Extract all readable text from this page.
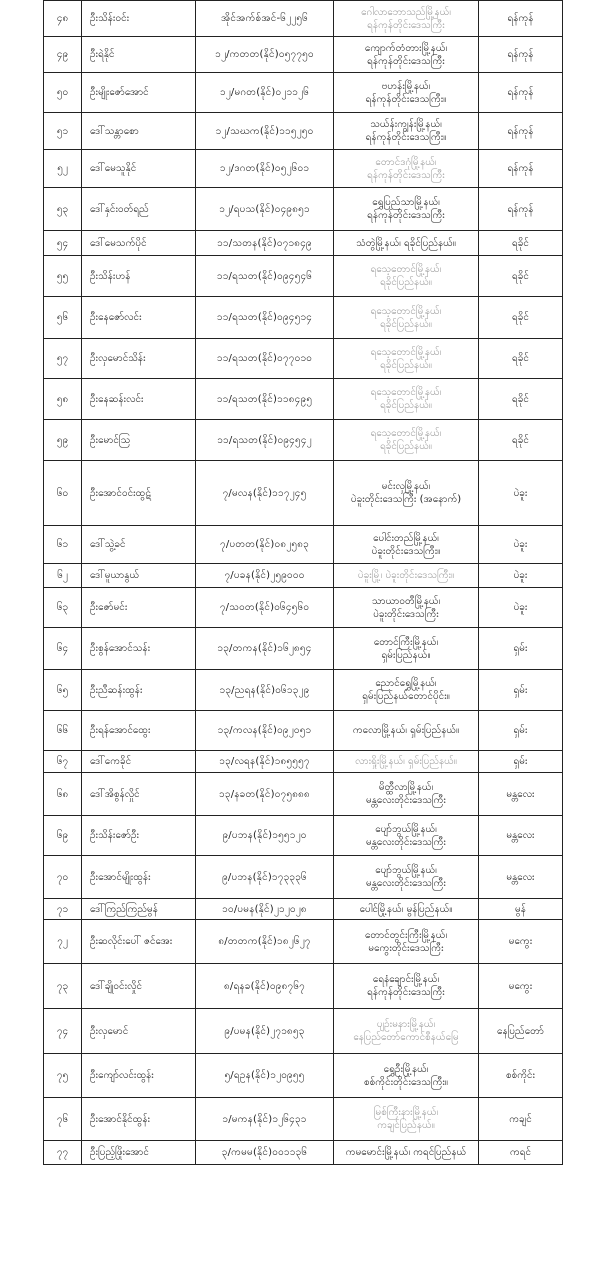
၄၈	ဦးသိန်းဝင်း	အိုင်အက်စ်အင်-၆၂၂၅၆	ဂေါလာဘောသည်မြို့နယ်၊
ရန်ကုန်တိုင်းဒေသကြီး	ရန်ကုန်
၄၉	ဦးရဲနိုင်	၁၂/ကတတ(နိုင်)၀၅၇၇၅၀	ကျောက်တံတားမြို့နယ်၊
ရန်ကုန်တိုင်းဒေသကြီး	ရန်ကုန်
၅၀	ဦးမျိုးဇော်အောင်	၁၂/မဂတ(နိုင်)၀၂၁၁၂၆	ဗဟန်းမြို့နယ်၊
ရန်ကုန်တိုင်းဒေသကြီး။	ရန်ကုန်
၅၁	ဒေါ်သန္တာစော	၁၂/သဃက(နိုင်)၁၁၅၂၅၀	သယ်န်းကျွန်းမြို့နယ်၊
ရန်ကုန်တိုင်းဒေသကြီး။	ရန်ကုန်
၅၂	ဒေါ်မေသူနိုင်	၁၂/ဒဂတ(နိုင်)၀၅၂၆၀၁	တောင်ဒဂုံမြို့နယ်၊
ရန်ကုန်တိုင်းဒေသကြီး	ရန်ကုန်
၅၃	ဒေါ်နှင်းဝတ်ရည်	၁၂/ရပသ(နိုင်)၀၄၉၈၅၁	ရွှေပြည်သာမြို့နယ်၊
ရန်ကုန်တိုင်းဒေသကြီး	ရန်ကုန်
၅၄	ဒေါ်မေသက်ပိုင်	၁၁/သတန(နိုင်)၀၇၁၈၄၉	သံတွဲမြို့နယ်၊ ရခိုင်ပြည်နယ်။	ရခိုင်
၅၅	ဦးသိန်းဟန်	၁၁/ရသတ(နိုင်)၀၉၄၅၄၆	ရသေ့တောင်မြို့နယ်၊
ရခိုင်ပြည်နယ်။	ရခိုင်
၅၆	ဦးနေဇော်လင်း	၁၁/ရသတ(နိုင်)၀၉၄၅၁၄	ရသေ့တောင်မြို့နယ်၊
ရခိုင်ပြည်နယ်။	ရခိုင်
၅၇	ဦးလှမောင်သိန်း	၁၁/ရသတ(နိုင်)၀၇၇၀၁၀	ရသေ့တောင်မြို့နယ်၊
ရခိုင်ပြည်နယ်။	ရခိုင်
၅၈	ဦးနေဆန်းလင်း	၁၁/ရသတ(နိုင်)၁၁၈၄၉၅	ရသေ့တောင်မြို့နယ်၊
ရခိုင်ပြည်နယ်။	ရခိုင်
၅၉	ဦးမောင်ဩ	၁၁/ရသတ(နိုင်)၀၉၄၅၄၂	ရသေ့တောင်မြို့နယ်၊
ရခိုင်ပြည်နယ်။	ရခိုင်
၆၀	ဦးအောင်ဝင်းထွဋ်	၇/မလန(နိုင်)၁၁၇၂၄၅	မင်းလှမြို့နယ်၊
ပဲခူးတိုင်းဒေသကြီး (အနောက်)	ပဲခူး
၆၁	ဒေါ်သွဲ့ခင်	၇/ပတတ(နိုင်)၀၈၂၅၈၃	ပေါင်းတည်မြို့နယ်၊
ပဲခူးတိုင်းဒေသကြီး။	ပဲခူး
၆၂	ဒေါ်မူယာနွယ်	၇/ပခန(နိုင်)၂၅၉၀၀၀	ပဲခူးမြို့၊ ပဲခူးတိုင်းဒေသကြီး။	ပဲခူး
၆၃	ဦးဇော်မင်း	၇/သဝတ(နိုင်)၀၆၄၅၆၀	သာယာဝတီမြို့နယ်၊
ပဲခူးတိုင်းဒေသကြီး	ပဲခူး
၆၄	ဦးစွန်အောင်သန်း	၁၃/တကန(နိုင်)၁၆၂၈၅၄	တောင်ကြီးမြို့နယ်၊
ရှမ်းပြည်နယ်။	ရှမ်း
၆၅	ဦးညီဆန်းထွန်း	၁၃/ညရန(နိုင်)၀၆၁၃၂၉	ညောင်ရွှေမြို့နယ်၊
ရှမ်းပြည်နယ်တောင်ပိုင်း။	ရှမ်း
၆၆	ဦးရန်အောင်ထွေး	၁၃/ကလန(နိုင်)၀၉၂၀၅၁	ကလောမြို့နယ်၊ ရှမ်းပြည်နယ်။	ရှမ်း
၆၇	ဒေါ်ကေခိုင်	၁၃/လရန(နိုင်)၁၈၅၅၅၇	လားရှိုးမြို့နယ်၊ ရှမ်းပြည်နယ်။	ရှမ်း
၆၈	ဒေါ်အိစွန်လှိုင်	၁၃/နခတ(နိုင်)၀၇၅၈၈၈	မိတ္ထီလာမြို့နယ်၊
မန္တလေးတိုင်းဒေသကြီး	မန္တလေး
၆၉	ဦးသိန်းဇော်ဦး	၉/ပဘန(နိုင်)၁၅၅၁၂၀	ပျော်ဘွယ်မြို့နယ်၊
မန္တလေးတိုင်းဒေသကြီး	မန္တလေး
၇၀	ဦးအောင်မျိုးထွန်း	၉/ပဘန(နိုင်)၁၇၃၃၃၆	ပျော်ဘွယ်မြို့နယ်၊
မန္တလေးတိုင်းဒေသကြီး	မန္တလေး
၇၁	ဒေါ်ကြည်ကြည်မွန်	၁၀/ပမန(နိုင်)၂၁၂၀၂၈	ပေါင်မြို့နယ်၊ မွန်ပြည်နယ်။	မွန်
၇၂	ဦးဆလိုင်းပေါ် ဇင်အေး	၈/တတက(နိုင်)၁၈၂၆၂၇	တောင်တွင်းကြီးမြို့နယ်၊
မကွေးတိုင်းဒေသကြီး	မကွေး
၇၃	ဒေါ်ချိုဝင်းလှိုင်	၈/ရနခ(နိုင်)၀၉၈၇၆၇	ရေနံချောင်းမြို့နယ်၊
ရန်ကုန်တိုင်းဒေသကြီး	မကွေး
၇၄	ဦးလှမောင်	၉/ပမန(နိုင်)၂၇၁၈၅၃	ပျဉ်းမနားမြို့နယ်၊
နေပြည်တော်ကောင်စီနယ်မြေ	နေပြည်တော်
၇၅	ဦးကျော်လင်းထွန်း	၅/ရဥန(နိုင်)၁၂၀၉၅၅	ရွှေဦးမြို့နယ်၊
စစ်ကိုင်းတိုင်းဒေသကြီး။	စစ်ကိုင်း
၇၆	ဦးအောင်နိုင်ထွန်း	၁/မကန(နိုင်)၁၂၆၄၃၁	မြစ်ကြီးနားမြို့နယ်၊
ကချင်ပြည်နယ်။	ကချင်
၇၇	ဦးပြည့်ဖြိုးအောင်	၃/ကမမ(နိုင်)၀၀၁၁၃၆	ကမမောင်းမြို့နယ်၊ ကရင်ပြည်နယ်	ကရင်
